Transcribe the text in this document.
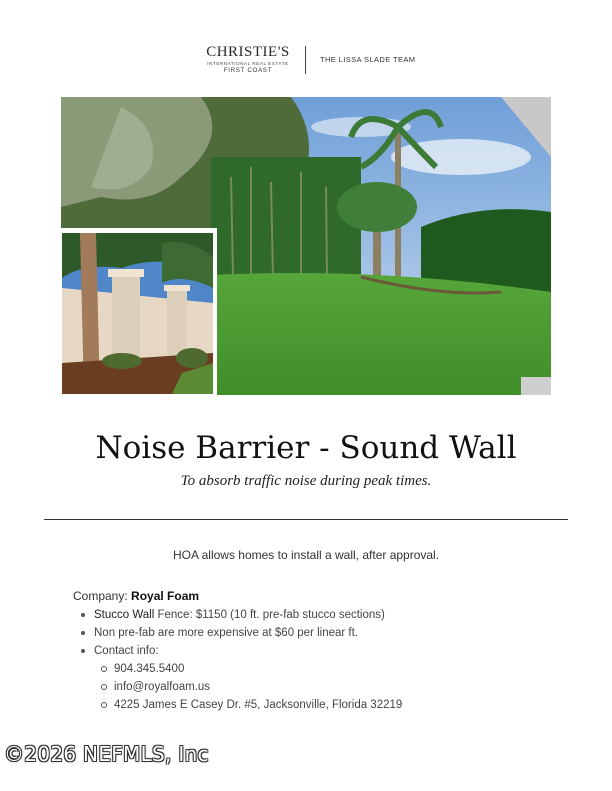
CHRISTIE'S
INTERNATIONAL REAL ESTATE
FIRST COAST
THE LISSA SLADE TEAM
Noise Barrier - Sound Wall
To absorb traffic noise during peak times.
HOA allows homes to install a wall, after approval.
Company: Royal Foam
Stucco Wall Fence: $1150 (10 ft. pre-fab stucco sections)
Non pre-fab are more expensive at $60 per linear ft.
Contact info:
904.345.5400
info@royalfoam.us
4225 James E Casey Dr. #5, Jacksonville, Florida 32219
©2026 NEFMLS, Inc
